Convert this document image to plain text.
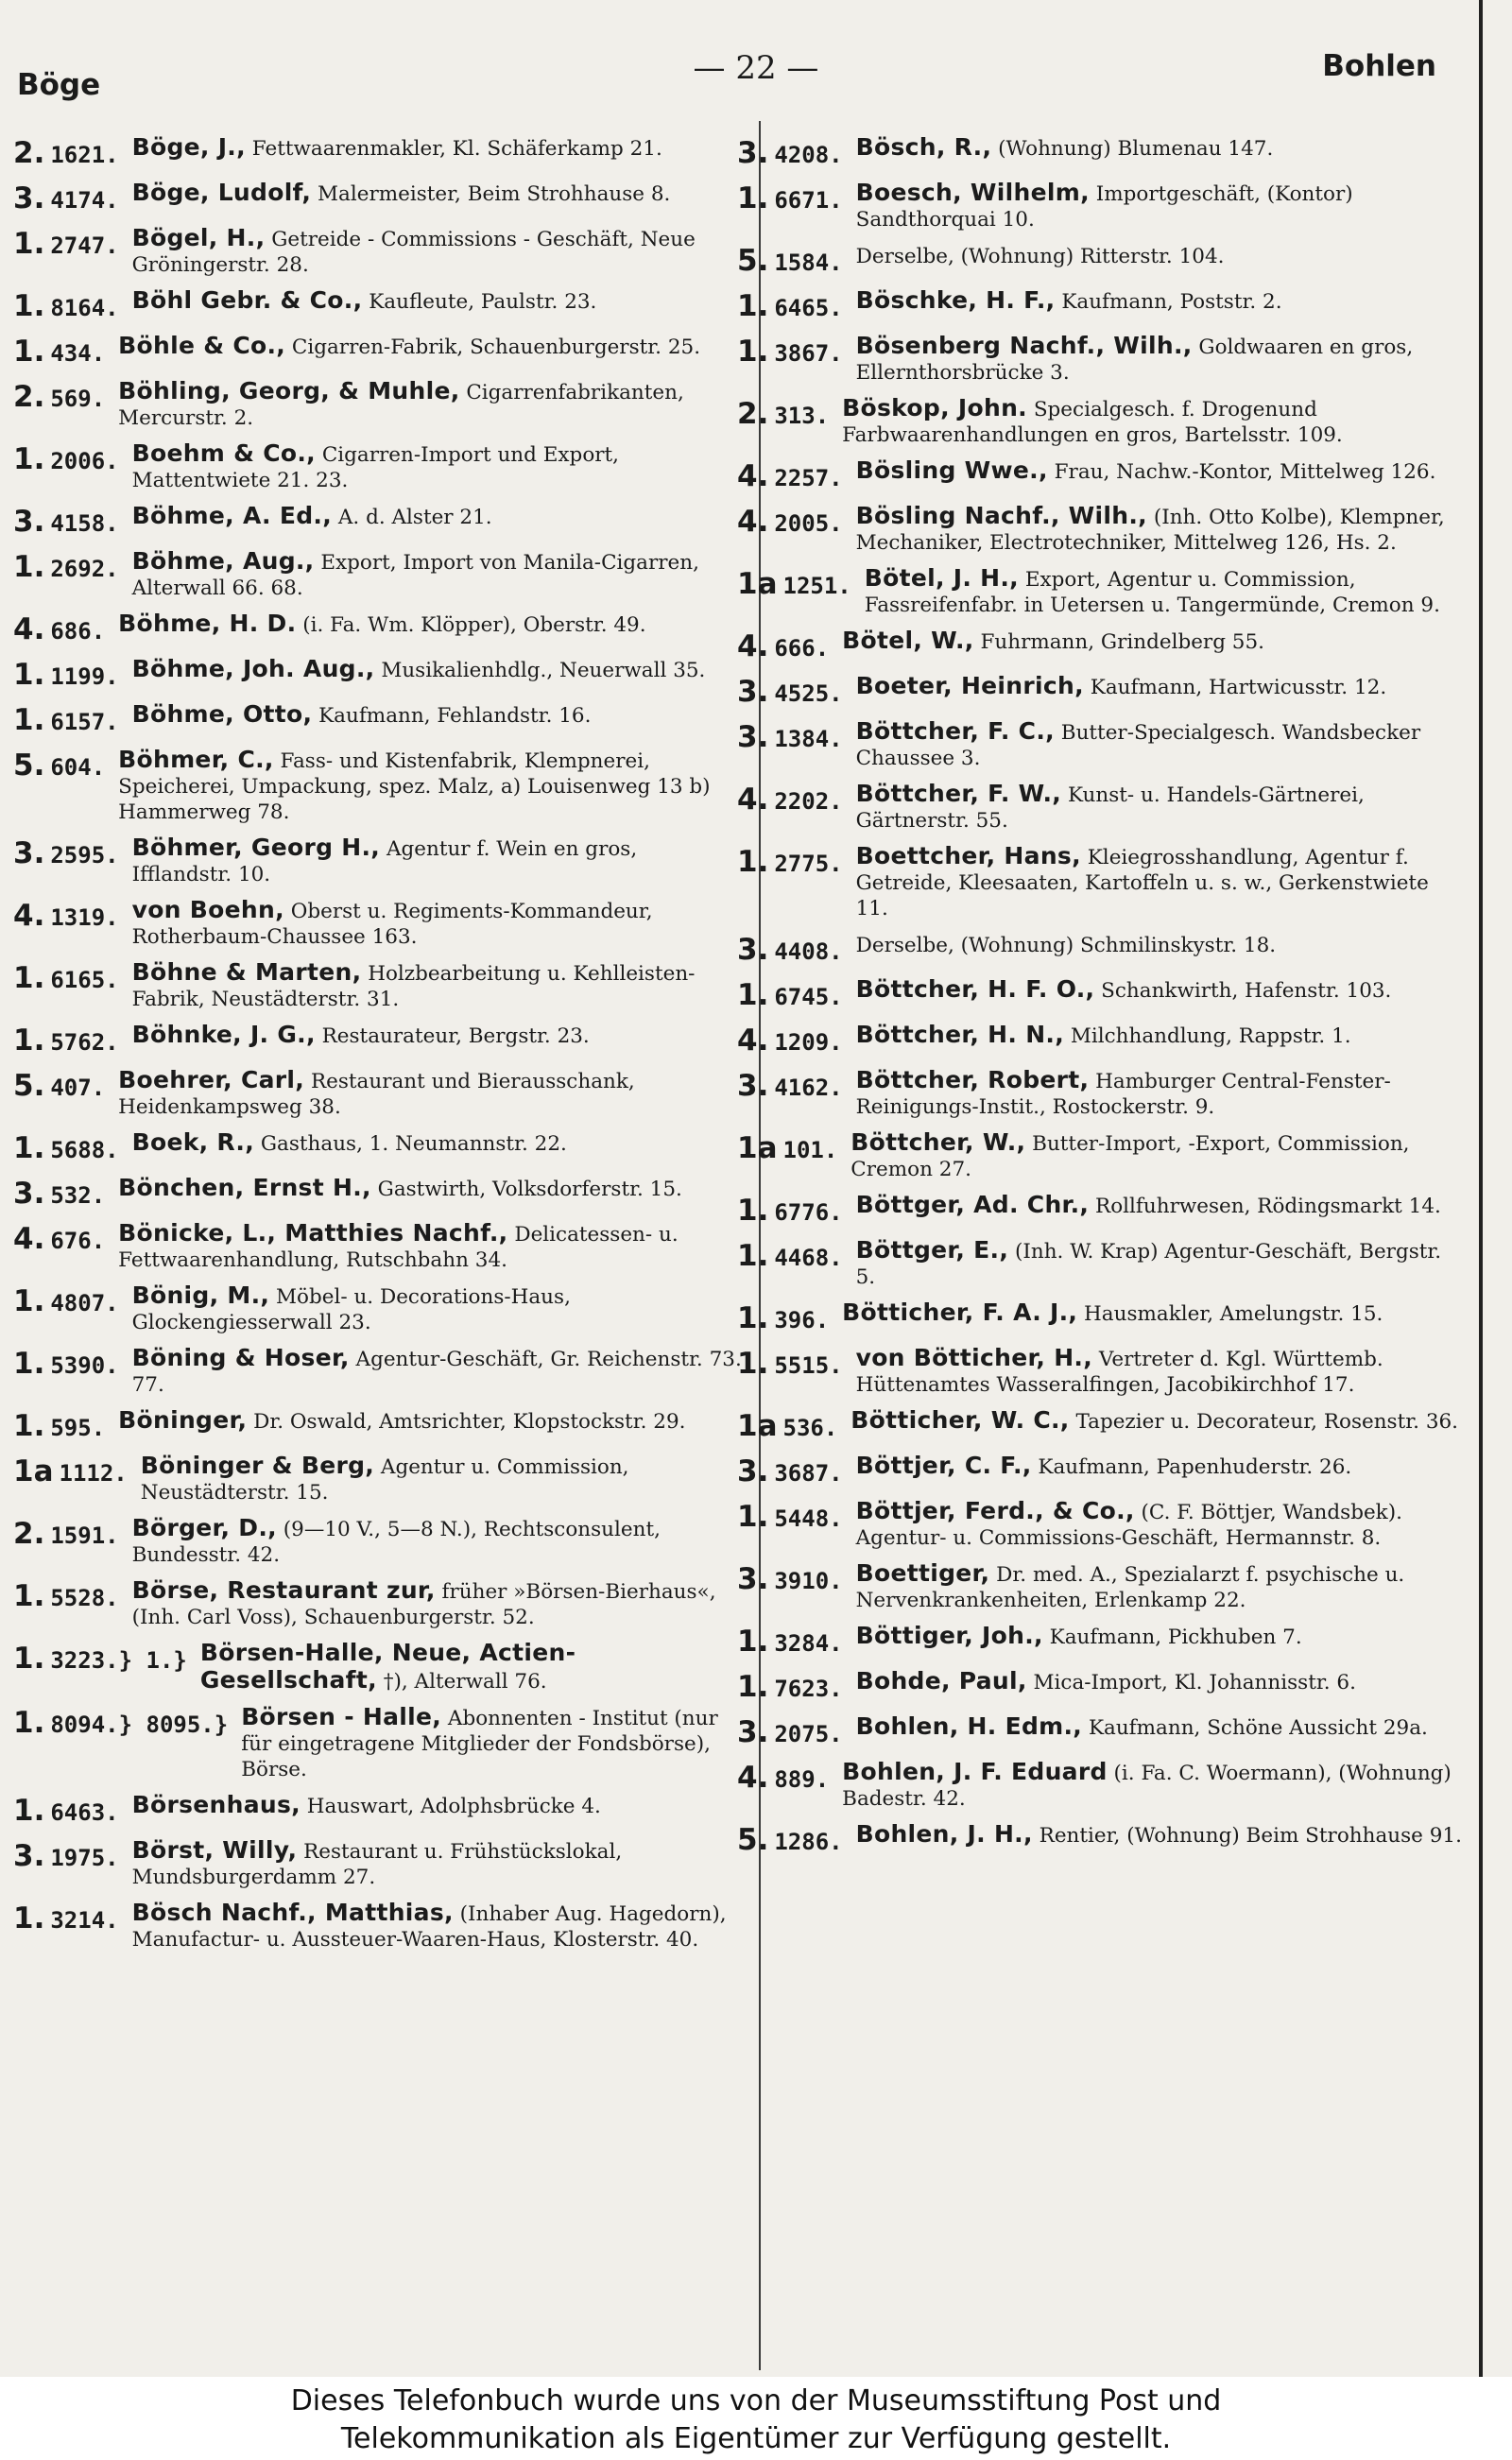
Böge	— 22 —	Bohlen
2. 1621. Böge, J., Fettwaarenmakler, Kl. Schäferkamp 21.
3. 4174. Böge, Ludolf, Malermeister, Beim Strohhause 8.
1. 2747. Bögel, H., Getreide - Commissions - Geschäft, Neue Gröningerstr. 28.
1. 8164. Böhl Gebr. & Co., Kaufleute, Paulstr. 23.
1. 434. Böhle & Co., Cigarren-Fabrik, Schauenburgerstr. 25.
2. 569. Böhling, Georg, & Muhle, Cigarrenfabrikanten, Mercurstr. 2.
1. 2006. Boehm & Co., Cigarren-Import und Export, Mattentwiete 21. 23.
3. 4158. Böhme, A. Ed., A. d. Alster 21.
1. 2692. Böhme, Aug., Export, Import von Manila-Cigarren, Alterwall 66. 68.
4. 686. Böhme, H. D. (i. Fa. Wm. Klöpper), Oberstr. 49.
1. 1199. Böhme, Joh. Aug., Musikalienhdlg., Neuerwall 35.
1. 6157. Böhme, Otto, Kaufmann, Fehlandstr. 16.
5. 604. Böhmer, C., Fass- und Kistenfabrik, Klempnerei, Speicherei, Umpackung, spez. Malz, a) Louisenweg 13 b) Hammerweg 78.
3. 2595. Böhmer, Georg H., Agentur f. Wein en gros, Ifflandstr. 10.
4. 1319. von Boehn, Oberst u. Regiments-Kommandeur, Rotherbaum-Chaussee 163.
1. 6165. Böhne & Marten, Holzbearbeitung u. Kehlleisten-Fabrik, Neustädterstr. 31.
1. 5762. Böhnke, J. G., Restaurateur, Bergstr. 23.
5. 407. Boehrer, Carl, Restaurant und Bierausschank, Heidenkampsweg 38.
1. 5688. Boek, R., Gasthaus, 1. Neumannstr. 22.
3. 532. Bönchen, Ernst H., Gastwirth, Volksdorferstr. 15.
4. 676. Bönicke, L., Matthies Nachf., Delicatessen- u. Fettwaarenhandlung, Rutschbahn 34.
1. 4807. Bönig, M., Möbel- u. Decorations-Haus, Glockengiesserwall 23.
1. 5390. Böning & Hoser, Agentur-Geschäft, Gr. Reichenstr. 73. 77.
1. 595. Böninger, Dr. Oswald, Amtsrichter, Klopstockstr. 29.
1a 1112. Böninger & Berg, Agentur u. Commission, Neustädterstr. 15.
2. 1591. Börger, D., (9—10 V., 5—8 N.), Rechtsconsulent, Bundesstr. 42.
1. 5528. Börse, Restaurant zur, früher »Börsen-Bierhaus«, (Inh. Carl Voss), Schauenburgerstr. 52.
1. 3223.} 1.} Börsen-Halle, Neue, Actien-Gesellschaft, †), Alterwall 76.
1. 8094.} 8095.} Börsen - Halle, Abonnenten - Institut (nur für eingetragene Mitglieder der Fondsbörse), Börse.
1. 6463. Börsenhaus, Hauswart, Adolphsbrücke 4.
3. 1975. Börst, Willy, Restaurant u. Frühstückslokal, Mundsburgerdamm 27.
1. 3214. Bösch Nachf., Matthias, (Inhaber Aug. Hagedorn), Manufactur- u. Aussteuer-Waaren-Haus, Klosterstr. 40.
3. 4208. Bösch, R., (Wohnung) Blumenau 147.
1. 6671. Boesch, Wilhelm, Importgeschäft, (Kontor) Sandthorquai 10.
5. 1584. Derselbe, (Wohnung) Ritterstr. 104.
1. 6465. Böschke, H. F., Kaufmann, Poststr. 2.
1. 3867. Bösenberg Nachf., Wilh., Goldwaaren en gros, Ellernthorsbrücke 3.
2. 313. Böskop, John. Specialgesch. f. Drogenund Farbwaarenhandlungen en gros, Bartelsstr. 109.
4. 2257. Bösling Wwe., Frau, Nachw.-Kontor, Mittelweg 126.
4. 2005. Bösling Nachf., Wilh., (Inh. Otto Kolbe), Klempner, Mechaniker, Electrotechniker, Mittelweg 126, Hs. 2.
1a 1251. Bötel, J. H., Export, Agentur u. Commission, Fassreifenfabr. in Uetersen u. Tangermünde, Cremon 9.
4. 666. Bötel, W., Fuhrmann, Grindelberg 55.
3. 4525. Boeter, Heinrich, Kaufmann, Hartwicusstr. 12.
3. 1384. Böttcher, F. C., Butter-Specialgesch. Wandsbecker Chaussee 3.
4. 2202. Böttcher, F. W., Kunst- u. Handels-Gärtnerei, Gärtnerstr. 55.
1. 2775. Boettcher, Hans, Kleiegrosshandlung, Agentur f. Getreide, Kleesaaten, Kartoffeln u. s. w., Gerkenstwiete 11.
3. 4408. Derselbe, (Wohnung) Schmilinskystr. 18.
1. 6745. Böttcher, H. F. O., Schankwirth, Hafenstr. 103.
4. 1209. Böttcher, H. N., Milchhandlung, Rappstr. 1.
3. 4162. Böttcher, Robert, Hamburger Central-Fenster-Reinigungs-Instit., Rostockerstr. 9.
1a 101. Böttcher, W., Butter-Import, -Export, Commission, Cremon 27.
1. 6776. Böttger, Ad. Chr., Rollfuhrwesen, Rödingsmarkt 14.
1. 4468. Böttger, E., (Inh. W. Krap) Agentur-Geschäft, Bergstr. 5.
1. 396. Bötticher, F. A. J., Hausmakler, Amelungstr. 15.
1. 5515. von Bötticher, H., Vertreter d. Kgl. Württemb. Hüttenamtes Wasseralfingen, Jacobikirchhof 17.
1a 536. Bötticher, W. C., Tapezier u. Decorateur, Rosenstr. 36.
3. 3687. Böttjer, C. F., Kaufmann, Papenhuderstr. 26.
1. 5448. Böttjer, Ferd., & Co., (C. F. Böttjer, Wandsbek). Agentur- u. Commissions-Geschäft, Hermannstr. 8.
3. 3910. Boettiger, Dr. med. A., Spezialarzt f. psychische u. Nervenkrankenheiten, Erlenkamp 22.
1. 3284. Böttiger, Joh., Kaufmann, Pickhuben 7.
1. 7623. Bohde, Paul, Mica-Import, Kl. Johannisstr. 6.
3. 2075. Bohlen, H. Edm., Kaufmann, Schöne Aussicht 29a.
4. 889. Bohlen, J. F. Eduard (i. Fa. C. Woermann), (Wohnung) Badestr. 42.
5. 1286. Bohlen, J. H., Rentier, (Wohnung) Beim Strohhause 91.
Dieses Telefonbuch wurde uns von der Museumsstiftung Post und
Telekommunikation als Eigentümer zur Verfügung gestellt.
